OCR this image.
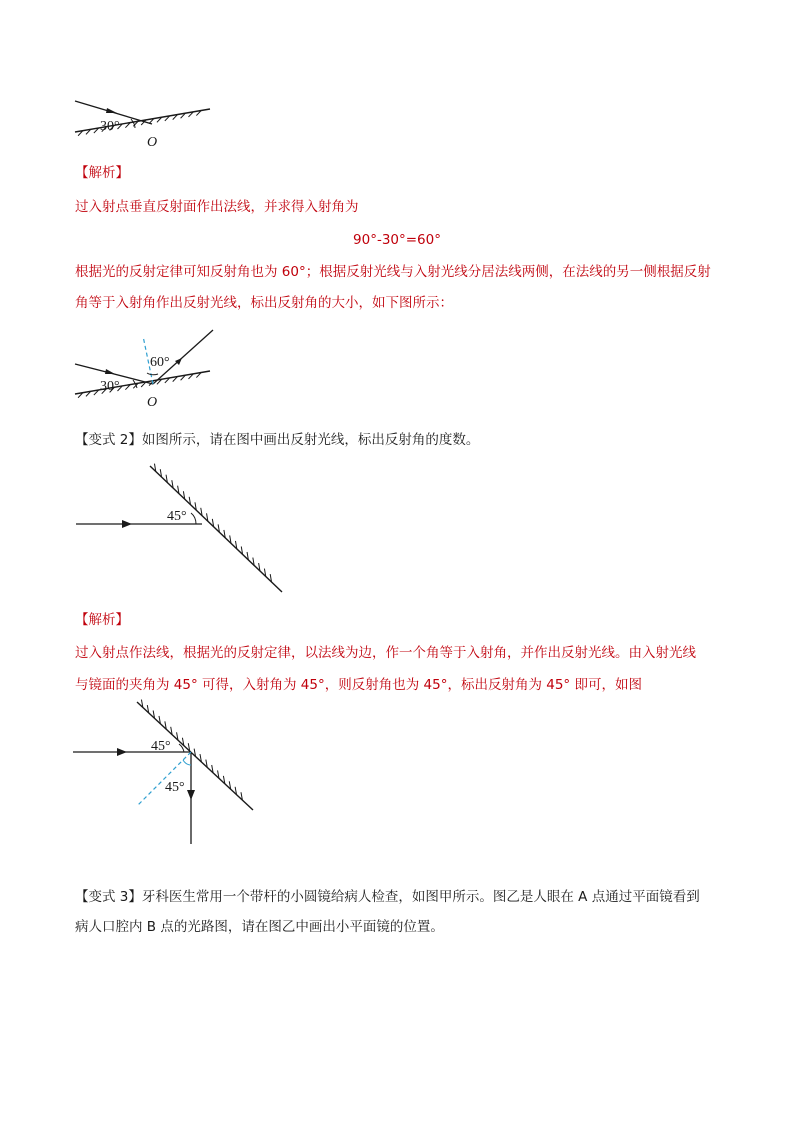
30°
O
【解析】
过入射点垂直反射面作出法线，并求得入射角为
90°-30°=60°
根据光的反射定律可知反射角也为 60°；根据反射光线与入射光线分居法线两侧，在法线的另一侧根据反射
角等于入射角作出反射光线，标出反射角的大小，如下图所示：
60°
30°
O
【变式 2】如图所示，请在图中画出反射光线，标出反射角的度数。
45°
【解析】
过入射点作法线，根据光的反射定律，以法线为边，作一个角等于入射角，并作出反射光线。由入射光线
与镜面的夹角为 45° 可得，入射角为 45°，则反射角也为 45°，标出反射角为 45° 即可，如图
45°
45°
【变式 3】牙科医生常用一个带杆的小圆镜给病人检查，如图甲所示。图乙是人眼在 A 点通过平面镜看到
病人口腔内 B 点的光路图，请在图乙中画出小平面镜的位置。
